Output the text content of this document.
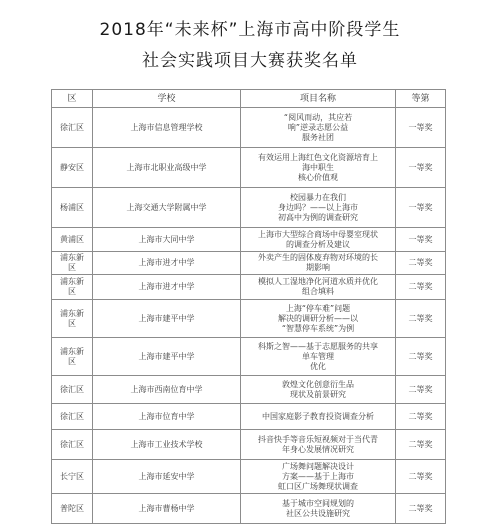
2018年“未来杯”上海市高中阶段学生
社会实践项目大赛获奖名单
区	学校	项目名称	等第
徐汇区	上海市信息管理学校	“阅风而动，其应若
响”逆录志愿公益
服务社团	一等奖
静安区	上海市北职业高级中学	有效运用上海红色文化资源培育上
海中职生
核心价值观	一等奖
杨浦区	上海交通大学附属中学	校园暴力在我们
身边吗？——以上海市
初高中为例的调查研究	一等奖
黄浦区	上海市大同中学	上海市大型综合商场中母婴室现状
的调查分析及建议	一等奖
浦东新
区	上海市进才中学	外卖产生的固体废弃物对环境的长
期影响	二等奖
浦东新
区	上海市进才中学	模拟人工湿地净化河道水质并优化
组合填料	二等奖
浦东新
区	上海市建平中学	上海“停车难”问题
解决的调研分析——以
“智慧停车系统”为例	二等奖
浦东新
区	上海市建平中学	科斯之智——基于志愿服务的共享
单车管理
优化	二等奖
徐汇区	上海市西南位育中学	敦煌文化创意衍生品
现状及前景研究	二等奖
徐汇区	上海市位育中学	中国家庭影子教育投资调查分析	二等奖
徐汇区	上海市工业技术学校	抖音快手等音乐短视频对于当代青
年身心发展情况研究	二等奖
长宁区	上海市延安中学	广场舞问题解决设计
方案——基于上海市
虹口区广场舞现状调查	二等奖
普陀区	上海市曹杨中学	基于城市空间规划的
社区公共设施研究	二等奖
